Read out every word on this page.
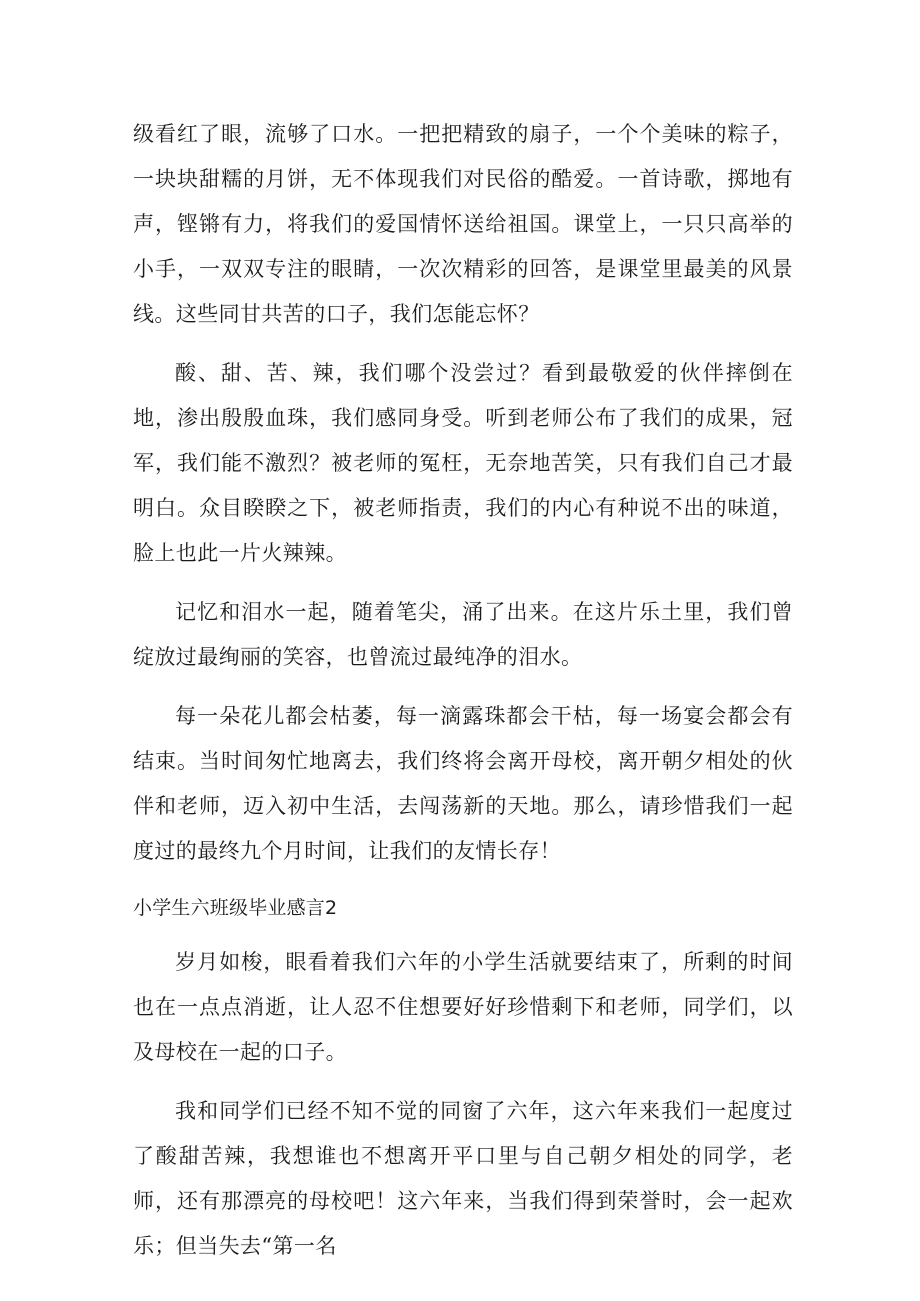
级看红了眼，流够了口水。一把把精致的扇子，一个个美味的粽子，一块块甜糯的月饼，无不体现我们对民俗的酷爱。一首诗歌，掷地有声，铿锵有力，将我们的爱国情怀送给祖国。课堂上，一只只高举的小手，一双双专注的眼睛，一次次精彩的回答，是课堂里最美的风景线。这些同甘共苦的口子，我们怎能忘怀？

酸、甜、苦、辣，我们哪个没尝过？看到最敬爱的伙伴摔倒在地，渗出殷殷血珠，我们感同身受。听到老师公布了我们的成果，冠军，我们能不激烈？被老师的冤枉，无奈地苦笑，只有我们自己才最明白。众目睽睽之下，被老师指责，我们的内心有种说不出的味道，脸上也此一片火辣辣。

记忆和泪水一起，随着笔尖，涌了出来。在这片乐土里，我们曾绽放过最绚丽的笑容，也曾流过最纯净的泪水。

每一朵花儿都会枯萎，每一滴露珠都会干枯，每一场宴会都会有结束。当时间匆忙地离去，我们终将会离开母校，离开朝夕相处的伙伴和老师，迈入初中生活，去闯荡新的天地。那么，请珍惜我们一起度过的最终九个月时间，让我们的友情长存！

小学生六班级毕业感言2

岁月如梭，眼看着我们六年的小学生活就要结束了，所剩的时间也在一点点消逝，让人忍不住想要好好珍惜剩下和老师，同学们，以及母校在一起的口子。

我和同学们已经不知不觉的同窗了六年，这六年来我们一起度过了酸甜苦辣，我想谁也不想离开平口里与自己朝夕相处的同学，老师，还有那漂亮的母校吧！这六年来，当我们得到荣誉时，会一起欢乐；但当失去“第一名
